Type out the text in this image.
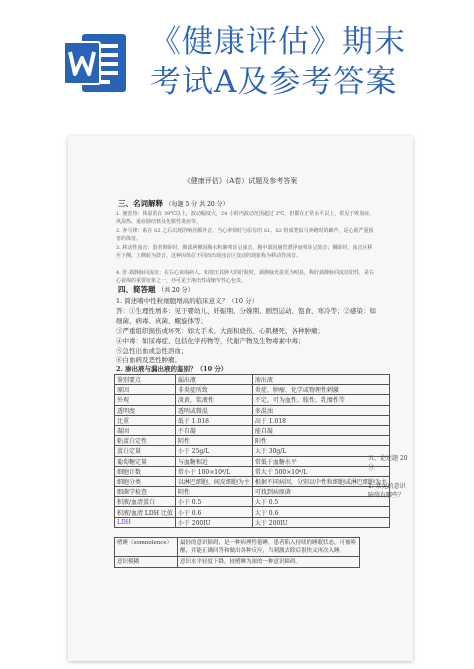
《健康评估》期末
考试A及参考答案
《健康评估》（A卷）试题及参考答案
三、名词解释 （每题 5 分 共 20 分）
1. 施张热：体温常在 39℃以上，波动幅度大，24 小时内波动范围超过 2℃，但都在正常水平以上，常见于败血症、风湿热、重症肺结核及化脓性炎症等。
2. 奔马律：系在 S2 之后出现的响亮额外音，当心率快时与原有的 S1、S2 组成类似马奔跑时的蹄声，是心肌严重损害的体征。
3. 移动性浊音：患者仰卧时，腹部两侧因腹水积聚叩诊呈浊音，腹中部因肠管漂浮而叩诊呈鼓音；侧卧时，浊音区移至下侧，上侧转为鼓音。这种因体位不同而出现浊音区变动的现象称为移动性浊音。
4. 肝-颈静脉回流征：在右心衰竭病人，如按压其肿大的肝脏时，颈静脉充盈更为明显，称肝颈静脉回流征阳性，是右心衰竭的重要征象之一，亦可见于渗出性或缩窄性心包炎。
四、简答题 （共 20 分）
1. 简述嗜中性粒细胞增高的临床意义？（10 分）
答：①生理性增多：见于婴幼儿、妊娠期、分娩期、剧烈运动、饱食、寒冷等；②感染：如细菌、病毒、真菌、螺旋体等；
③严重组织损伤或坏死：如大手术、大面积烧伤、心肌梗死、各种肿瘤；
④中毒：如尿毒症、包括化学药物等，代谢产物及生物毒素中毒；
⑤急性出血或急性溶血；
⑥白血病及恶性肿瘤。
2. 渗出液与漏出液的鉴别？（10 分）
鉴别要点	漏出液	渗出液
原因	非炎症所致	炎症、肿瘤、化学或物理性刺激
外观	淡黄，浆液性	不定，可为血性、脓性、乳糜性等
透明度	透明或微混	多混浊
比重	低于 1.018	高于 1.018
凝固	不自凝	能自凝
粘蛋白定性	阴性	阳性
蛋白定量	小于 25g/L	大于 30g/L
葡萄糖定量	与血糖相近	常低于血糖水平
细胞计数	常小于 100×10⁶/L	常大于 500×10⁶/L
细胞分类	以淋巴细胞、间皮细胞为主	根据不同病因，分别以中性粒细胞或淋巴细胞为主
细菌学检查	阴性	可找到病原菌
积液/血清蛋白	小于 0.5	大于 0.5
积液/血清 LDH 比值	小于 0.6	大于 0.6
LDH	小于 200IU	大于 200IU
嗜睡（somnolence）	最轻的意识障碍，是一种病理性倦睡，患者陷入持续的睡眠状态，可被唤醒，并能正确回答和做出各种反应，当刺激去除后很快又再次入睡。
意识模糊	意识水平轻度下降，较嗜睡为深的一种意识障碍。
五、论述题 20分
1. 常见的意识障碍有哪些？
